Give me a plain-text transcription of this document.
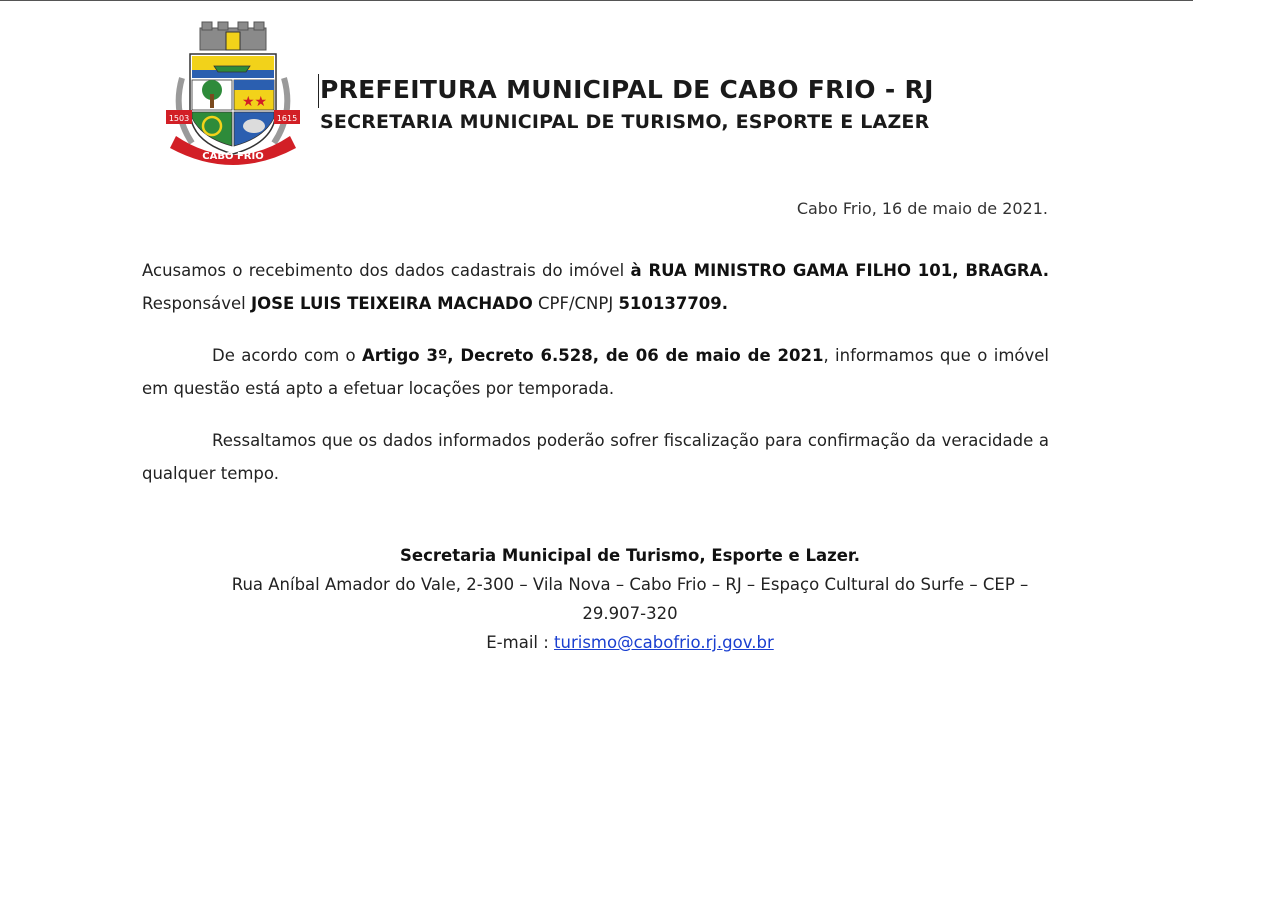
★★
1503	1615
CABO FRIO

PREFEITURA MUNICIPAL DE CABO FRIO - RJ

SECRETARIA MUNICIPAL DE TURISMO, ESPORTE E LAZER

Cabo Frio, 16 de maio de 2021.

Acusamos o recebimento dos dados cadastrais do imóvel à RUA MINISTRO GAMA FILHO 101, BRAGRA. Responsável JOSE LUIS TEIXEIRA MACHADO CPF/CNPJ 510137709.

De acordo com o Artigo 3º, Decreto 6.528, de 06 de maio de 2021, informamos que o imóvel em questão está apto a efetuar locações por temporada.

Ressaltamos que os dados informados poderão sofrer fiscalização para confirmação da veracidade a qualquer tempo.

Secretaria Municipal de Turismo, Esporte e Lazer.
Rua Aníbal Amador do Vale, 2-300 – Vila Nova – Cabo Frio – RJ – Espaço Cultural do Surfe – CEP – 29.907-320
E-mail : turismo@cabofrio.rj.gov.br
